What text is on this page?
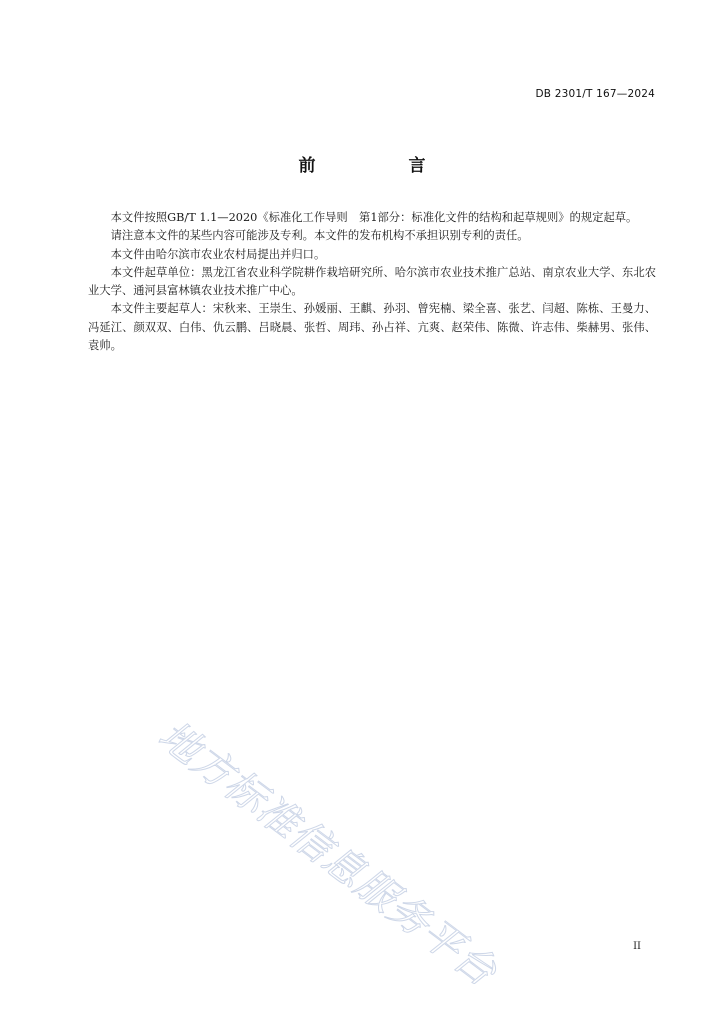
DB 2301/T 167—2024
前　言

本文件按照GB/T 1.1—2020《标准化工作导则　第1部分：标准化文件的结构和起草规则》的规定起草。

请注意本文件的某些内容可能涉及专利。本文件的发布机构不承担识别专利的责任。

本文件由哈尔滨市农业农村局提出并归口。

本文件起草单位：黑龙江省农业科学院耕作栽培研究所、哈尔滨市农业技术推广总站、南京农业大学、东北农业大学、通河县富林镇农业技术推广中心。

本文件主要起草人：宋秋来、王崇生、孙媛丽、王麒、孙羽、曾宪楠、梁全喜、张艺、闫超、陈栋、王曼力、冯延江、颜双双、白伟、仇云鹏、吕晓晨、张哲、周玮、孙占祥、亢爽、赵荣伟、陈微、许志伟、柴赫男、张伟、袁帅。

地方标准信息服务平台	II
